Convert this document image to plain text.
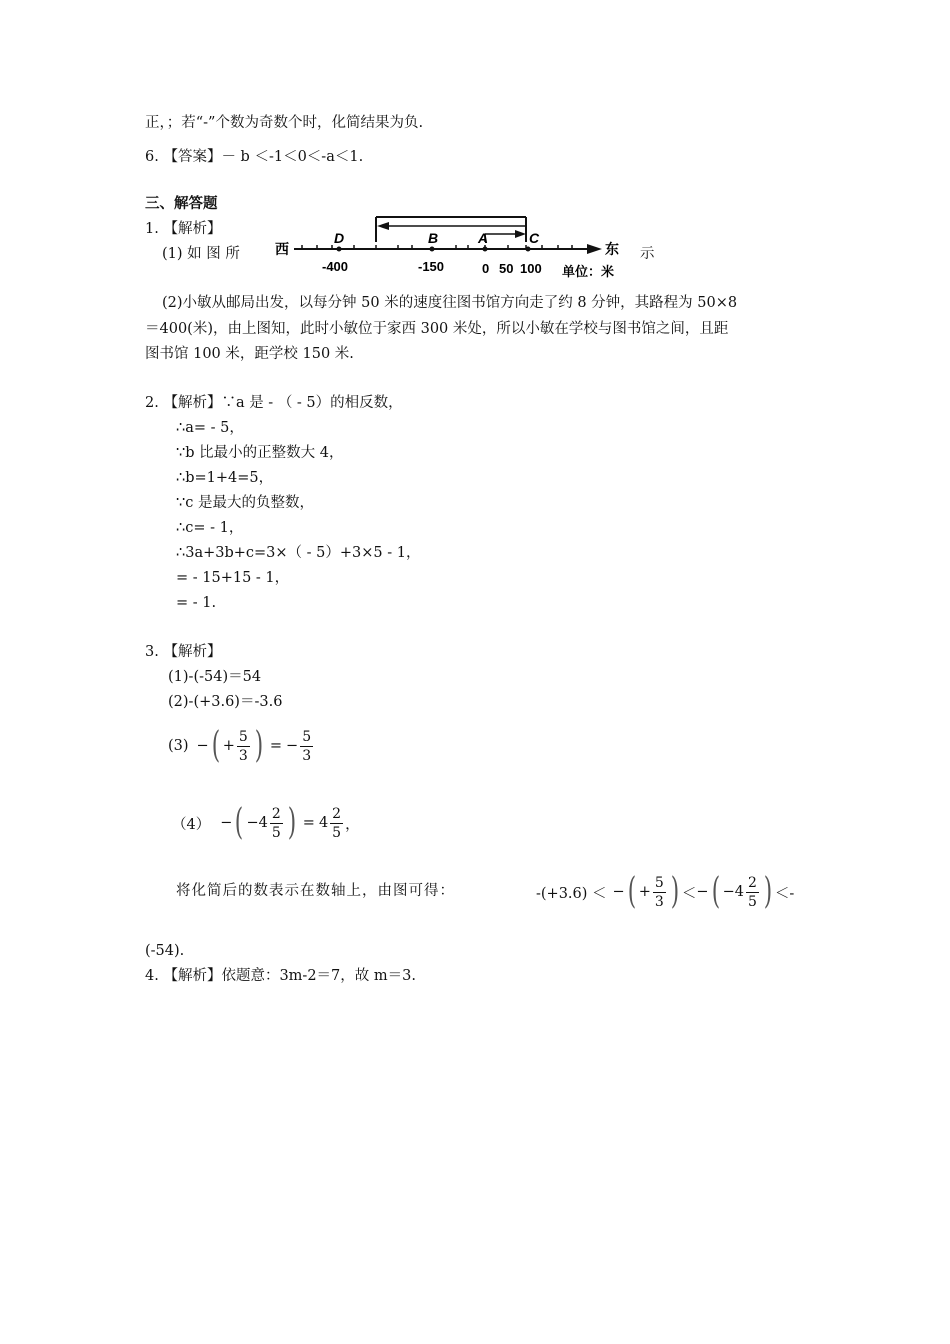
正，；若“-”个数为奇数个时，化简结果为负.
6. 【答案】－ b ＜-1＜0＜-a＜1.
三、解答题
1. 【解析】
(1) 如 图 所	示
D	B	A	C
西	东
-400	-150	0 50 100 单位：米
(2)小敏从邮局出发，以每分钟 50 米的速度往图书馆方向走了约 8 分钟，其路程为 50×8
＝400(米)，由上图知，此时小敏位于家西 300 米处，所以小敏在学校与图书馆之间，且距
图书馆 100 米，距学校 150 米.
2. 【解析】∵a 是 - （ - 5）的相反数，
∴a= - 5，
∵b 比最小的正整数大 4，
∴b=1+4=5，
∵c 是最大的负整数，
∴c= - 1，
∴3a+3b+c=3×（ - 5）+3×5 - 1，
= - 15+15 - 1，
= - 1.
3. 【解析】
(1)-(-54)＝54
(2)-(+3.6)＝-3.6
(3) − ( + $\frac{5}{3}$ ) = − $\frac{5}{3}$
（4） − ( $-4 \frac{2}{5}$ ) = $4 \frac{2}{5}$ ，
将化简后的数表示在数轴上，由图可得：	-(+3.6) ＜ − ( + $\frac{5}{3}$ ) ＜ − ( $-4 \frac{2}{5}$ ) ＜-
(-54).
4. 【解析】依题意：3m-2＝7，故 m＝3.
